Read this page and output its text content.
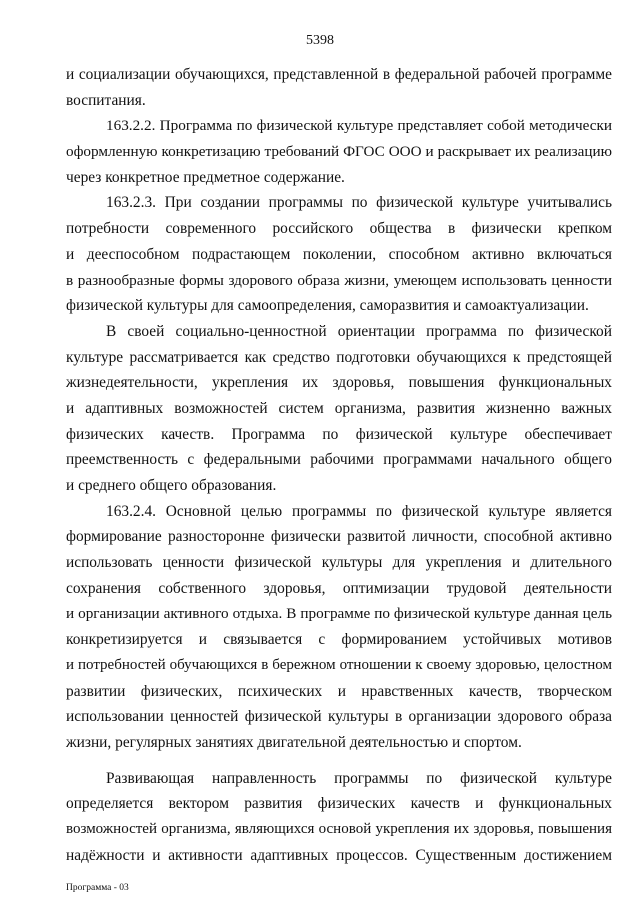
5398
и социализации обучающихся, представленной в федеральной рабочей программе
воспитания.
163.2.2. Программа по физической культуре представляет собой методически
оформленную конкретизацию требований ФГОС ООО и раскрывает их реализацию
через конкретное предметное содержание.
163.2.3. При создании программы по физической культуре учитывались
потребности современного российского общества в физически крепком
и дееспособном подрастающем поколении, способном активно включаться
в разнообразные формы здорового образа жизни, умеющем использовать ценности
физической культуры для самоопределения, саморазвития и самоактуализации.
В своей социально-ценностной ориентации программа по физической
культуре рассматривается как средство подготовки обучающихся к предстоящей
жизнедеятельности, укрепления их здоровья, повышения функциональных
и адаптивных возможностей систем организма, развития жизненно важных
физических качеств. Программа по физической культуре обеспечивает
преемственность с федеральными рабочими программами начального общего
и среднего общего образования.
163.2.4. Основной целью программы по физической культуре является
формирование разносторонне физически развитой личности, способной активно
использовать ценности физической культуры для укрепления и длительного
сохранения собственного здоровья, оптимизации трудовой деятельности
и организации активного отдыха. В программе по физической культуре данная цель
конкретизируется и связывается с формированием устойчивых мотивов
и потребностей обучающихся в бережном отношении к своему здоровью, целостном
развитии физических, психических и нравственных качеств, творческом
использовании ценностей физической культуры в организации здорового образа
жизни, регулярных занятиях двигательной деятельностью и спортом.
Развивающая направленность программы по физической культуре
определяется вектором развития физических качеств и функциональных
возможностей организма, являющихся основой укрепления их здоровья, повышения
надёжности и активности адаптивных процессов. Существенным достижением
Программа - 03
